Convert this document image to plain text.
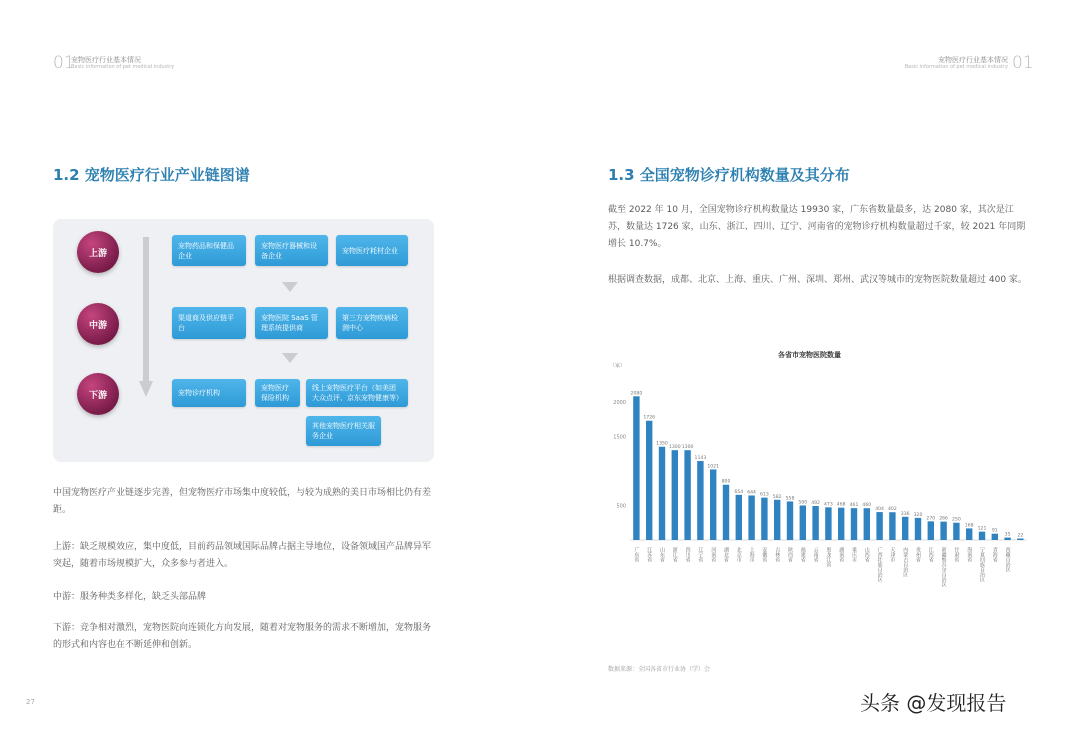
01
宠物医疗行业基本情况
Basic information of pet medical industry	01
宠物医疗行业基本情况
Basic information of pet medical industry
1.2 宠物医疗行业产业链图谱
上游
中游
下游
宠物药品和保健品企业
宠物医疗器械和设备企业
宠物医疗耗材企业
渠道商及供应链平台
宠物医院 SaaS 管理系统提供商
第三方宠物疾病检测中心
宠物诊疗机构
宠物医疗保险机构
线上宠物医疗平台（如美团大众点评、京东宠物健康等）
其他宠物医疗相关服务企业
中国宠物医疗产业链逐步完善，但宠物医疗市场集中度较低，与较为成熟的美日市场相比仍有差距。
上游：缺乏规模效应，集中度低，目前药品领域国际品牌占据主导地位，设备领域国产品牌异军突起，随着市场规模扩大，众多参与者进入。
中游：服务种类多样化，缺乏头部品牌
下游：竞争相对激烈，宠物医院向连锁化方向发展，随着对宠物服务的需求不断增加，宠物服务的形式和内容也在不断延伸和创新。
27
1.3 全国宠物诊疗机构数量及其分布
截至 2022 年 10 月，全国宠物诊疗机构数量达 19930 家，广东省数量最多，达 2080 家，其次是江苏，数量达 1726 家，山东、浙江、四川、辽宁、河南省的宠物诊疗机构数量超过千家，较 2021 年同期增长 10.7%。
根据调查数据，成都、北京、上海、重庆、广州、深圳、郑州、武汉等城市的宠物医院数量超过 400 家。
各省市宠物医院数量
（家）
500
1500
2000
2080
广东省
1726
江苏省
1350
山东省
1300
浙江省
1300
四川省
1143
辽宁省
1021
河南省
800
湖北省
654
北京市
644
上海市
613
安徽省
582
吉林省
558
陕西省
500
福建省
492
云南省
473
黑龙江省
468
湖南省
461
重庆市
460
山西省
404
广西壮族自治区
402
天津市
336
内蒙古自治区
320
贵州省
270
江西省
266
新疆维吾尔自治区
250
甘肃省
168
海南省
121
宁夏回族自治区
91
青海省
35
西藏自治区
22
数据来源：全国各省市行业协（学）会
头条 @发现报告
